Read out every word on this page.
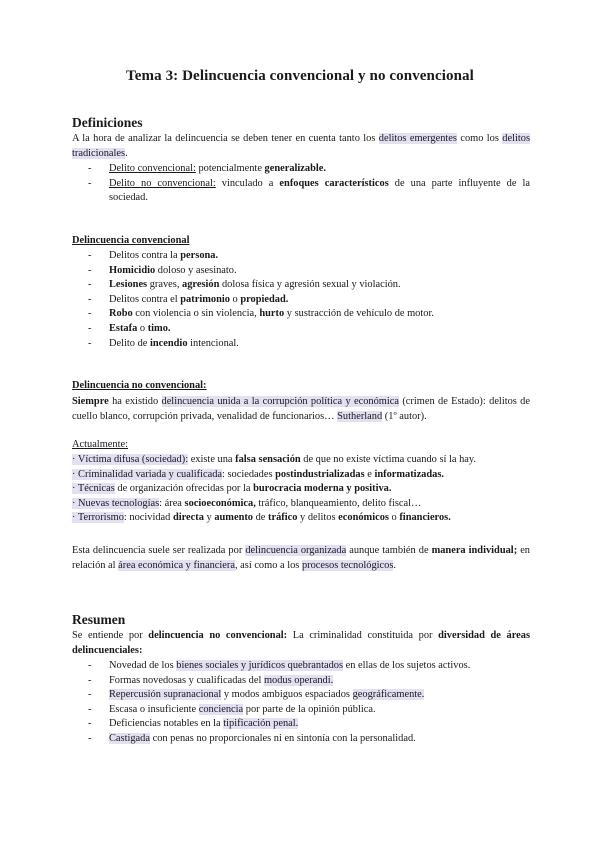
Tema 3: Delincuencia convencional y no convencional
Definiciones
A la hora de analizar la delincuencia se deben tener en cuenta tanto los delitos emergentes como los delitos tradicionales.
- Delito convencional: potencialmente generalizable.
- Delito no convencional: vinculado a enfoques característicos de una parte influyente de la sociedad.
Delincuencia convencional
- Delitos contra la persona.
- Homicidio doloso y asesinato.
- Lesiones graves, agresión dolosa física y agresión sexual y violación.
- Delitos contra el patrimonio o propiedad.
- Robo con violencia o sin violencia, hurto y sustracción de vehículo de motor.
- Estafa o timo.
- Delito de incendio intencional.
Delincuencia no convencional:
Siempre ha existido delincuencia unida a la corrupción política y económica (crimen de Estado): delitos de cuello blanco, corrupción privada, venalidad de funcionarios… Sutherland (1º autor).
Actualmente:
· Víctima difusa (sociedad): existe una falsa sensación de que no existe víctima cuando sí la hay.
· Criminalidad variada y cualificada: sociedades postindustrializadas e informatizadas.
· Técnicas de organización ofrecidas por la burocracia moderna y positiva.
· Nuevas tecnologías: área socioeconómica, tráfico, blanqueamiento, delito fiscal…
· Terrorismo: nocividad directa y aumento de tráfico y delitos económicos o financieros.
Esta delincuencia suele ser realizada por delincuencia organizada aunque también de manera individual; en relación al área económica y financiera, así como a los procesos tecnológicos.
Resumen
Se entiende por delincuencia no convencional: La criminalidad constituida por diversidad de áreas delincuenciales:
- Novedad de los bienes sociales y jurídicos quebrantados en ellas de los sujetos activos.
- Formas novedosas y cualificadas del modus operandi.
- Repercusión supranacional y modos ambiguos espaciados geográficamente.
- Escasa o insuficiente conciencia por parte de la opinión pública.
- Deficiencias notables en la tipificación penal.
- Castigada con penas no proporcionales ni en sintonía con la personalidad.
